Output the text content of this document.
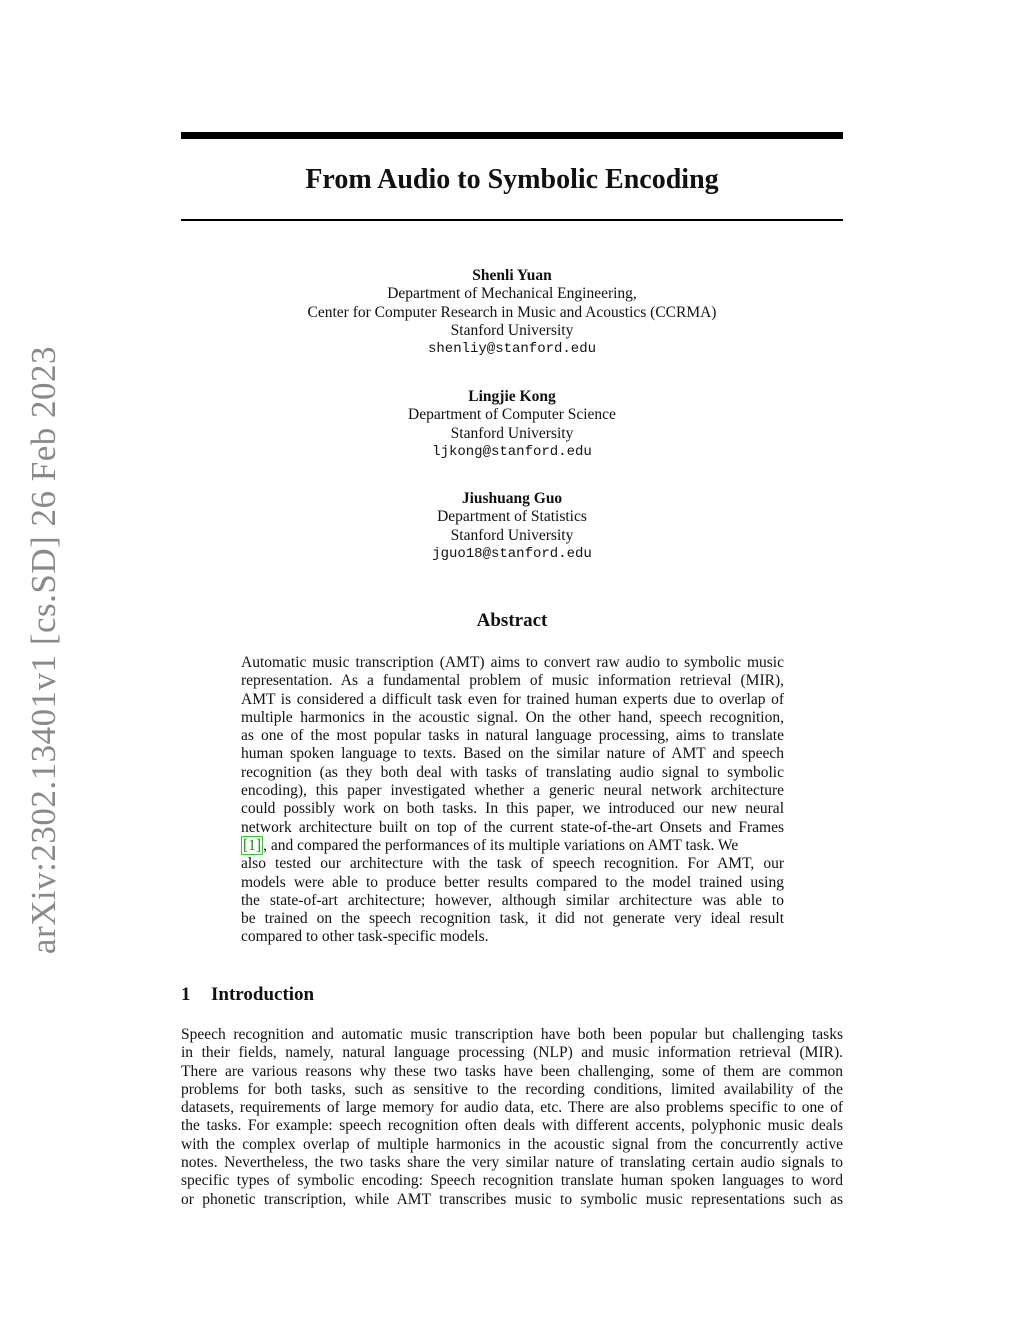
arXiv:2302.13401v1 [cs.SD] 26 Feb 2023
From Audio to Symbolic Encoding
Shenli Yuan
Department of Mechanical Engineering,
Center for Computer Research in Music and Acoustics (CCRMA)
Stanford University
shenliy@stanford.edu
Lingjie Kong
Department of Computer Science
Stanford University
ljkong@stanford.edu
Jiushuang Guo
Department of Statistics
Stanford University
jguo18@stanford.edu
Abstract
Automatic music transcription (AMT) aims to convert raw audio to symbolic music
representation. As a fundamental problem of music information retrieval (MIR),
AMT is considered a difficult task even for trained human experts due to overlap of
multiple harmonics in the acoustic signal. On the other hand, speech recognition,
as one of the most popular tasks in natural language processing, aims to translate
human spoken language to texts. Based on the similar nature of AMT and speech
recognition (as they both deal with tasks of translating audio signal to symbolic
encoding), this paper investigated whether a generic neural network architecture
could possibly work on both tasks. In this paper, we introduced our new neural
network architecture built on top of the current state-of-the-art Onsets and Frames
[1] , and compared the performances of its multiple variations on AMT task. We
also tested our architecture with the task of speech recognition. For AMT, our
models were able to produce better results compared to the model trained using
the state-of-art architecture; however, although similar architecture was able to
be trained on the speech recognition task, it did not generate very ideal result
compared to other task-specific models.
1 Introduction
Speech recognition and automatic music transcription have both been popular but challenging tasks
in their fields, namely, natural language processing (NLP) and music information retrieval (MIR).
There are various reasons why these two tasks have been challenging, some of them are common
problems for both tasks, such as sensitive to the recording conditions, limited availability of the
datasets, requirements of large memory for audio data, etc. There are also problems specific to one of
the tasks. For example: speech recognition often deals with different accents, polyphonic music deals
with the complex overlap of multiple harmonics in the acoustic signal from the concurrently active
notes. Nevertheless, the two tasks share the very similar nature of translating certain audio signals to
specific types of symbolic encoding: Speech recognition translate human spoken languages to word
or phonetic transcription, while AMT transcribes music to symbolic music representations such as
